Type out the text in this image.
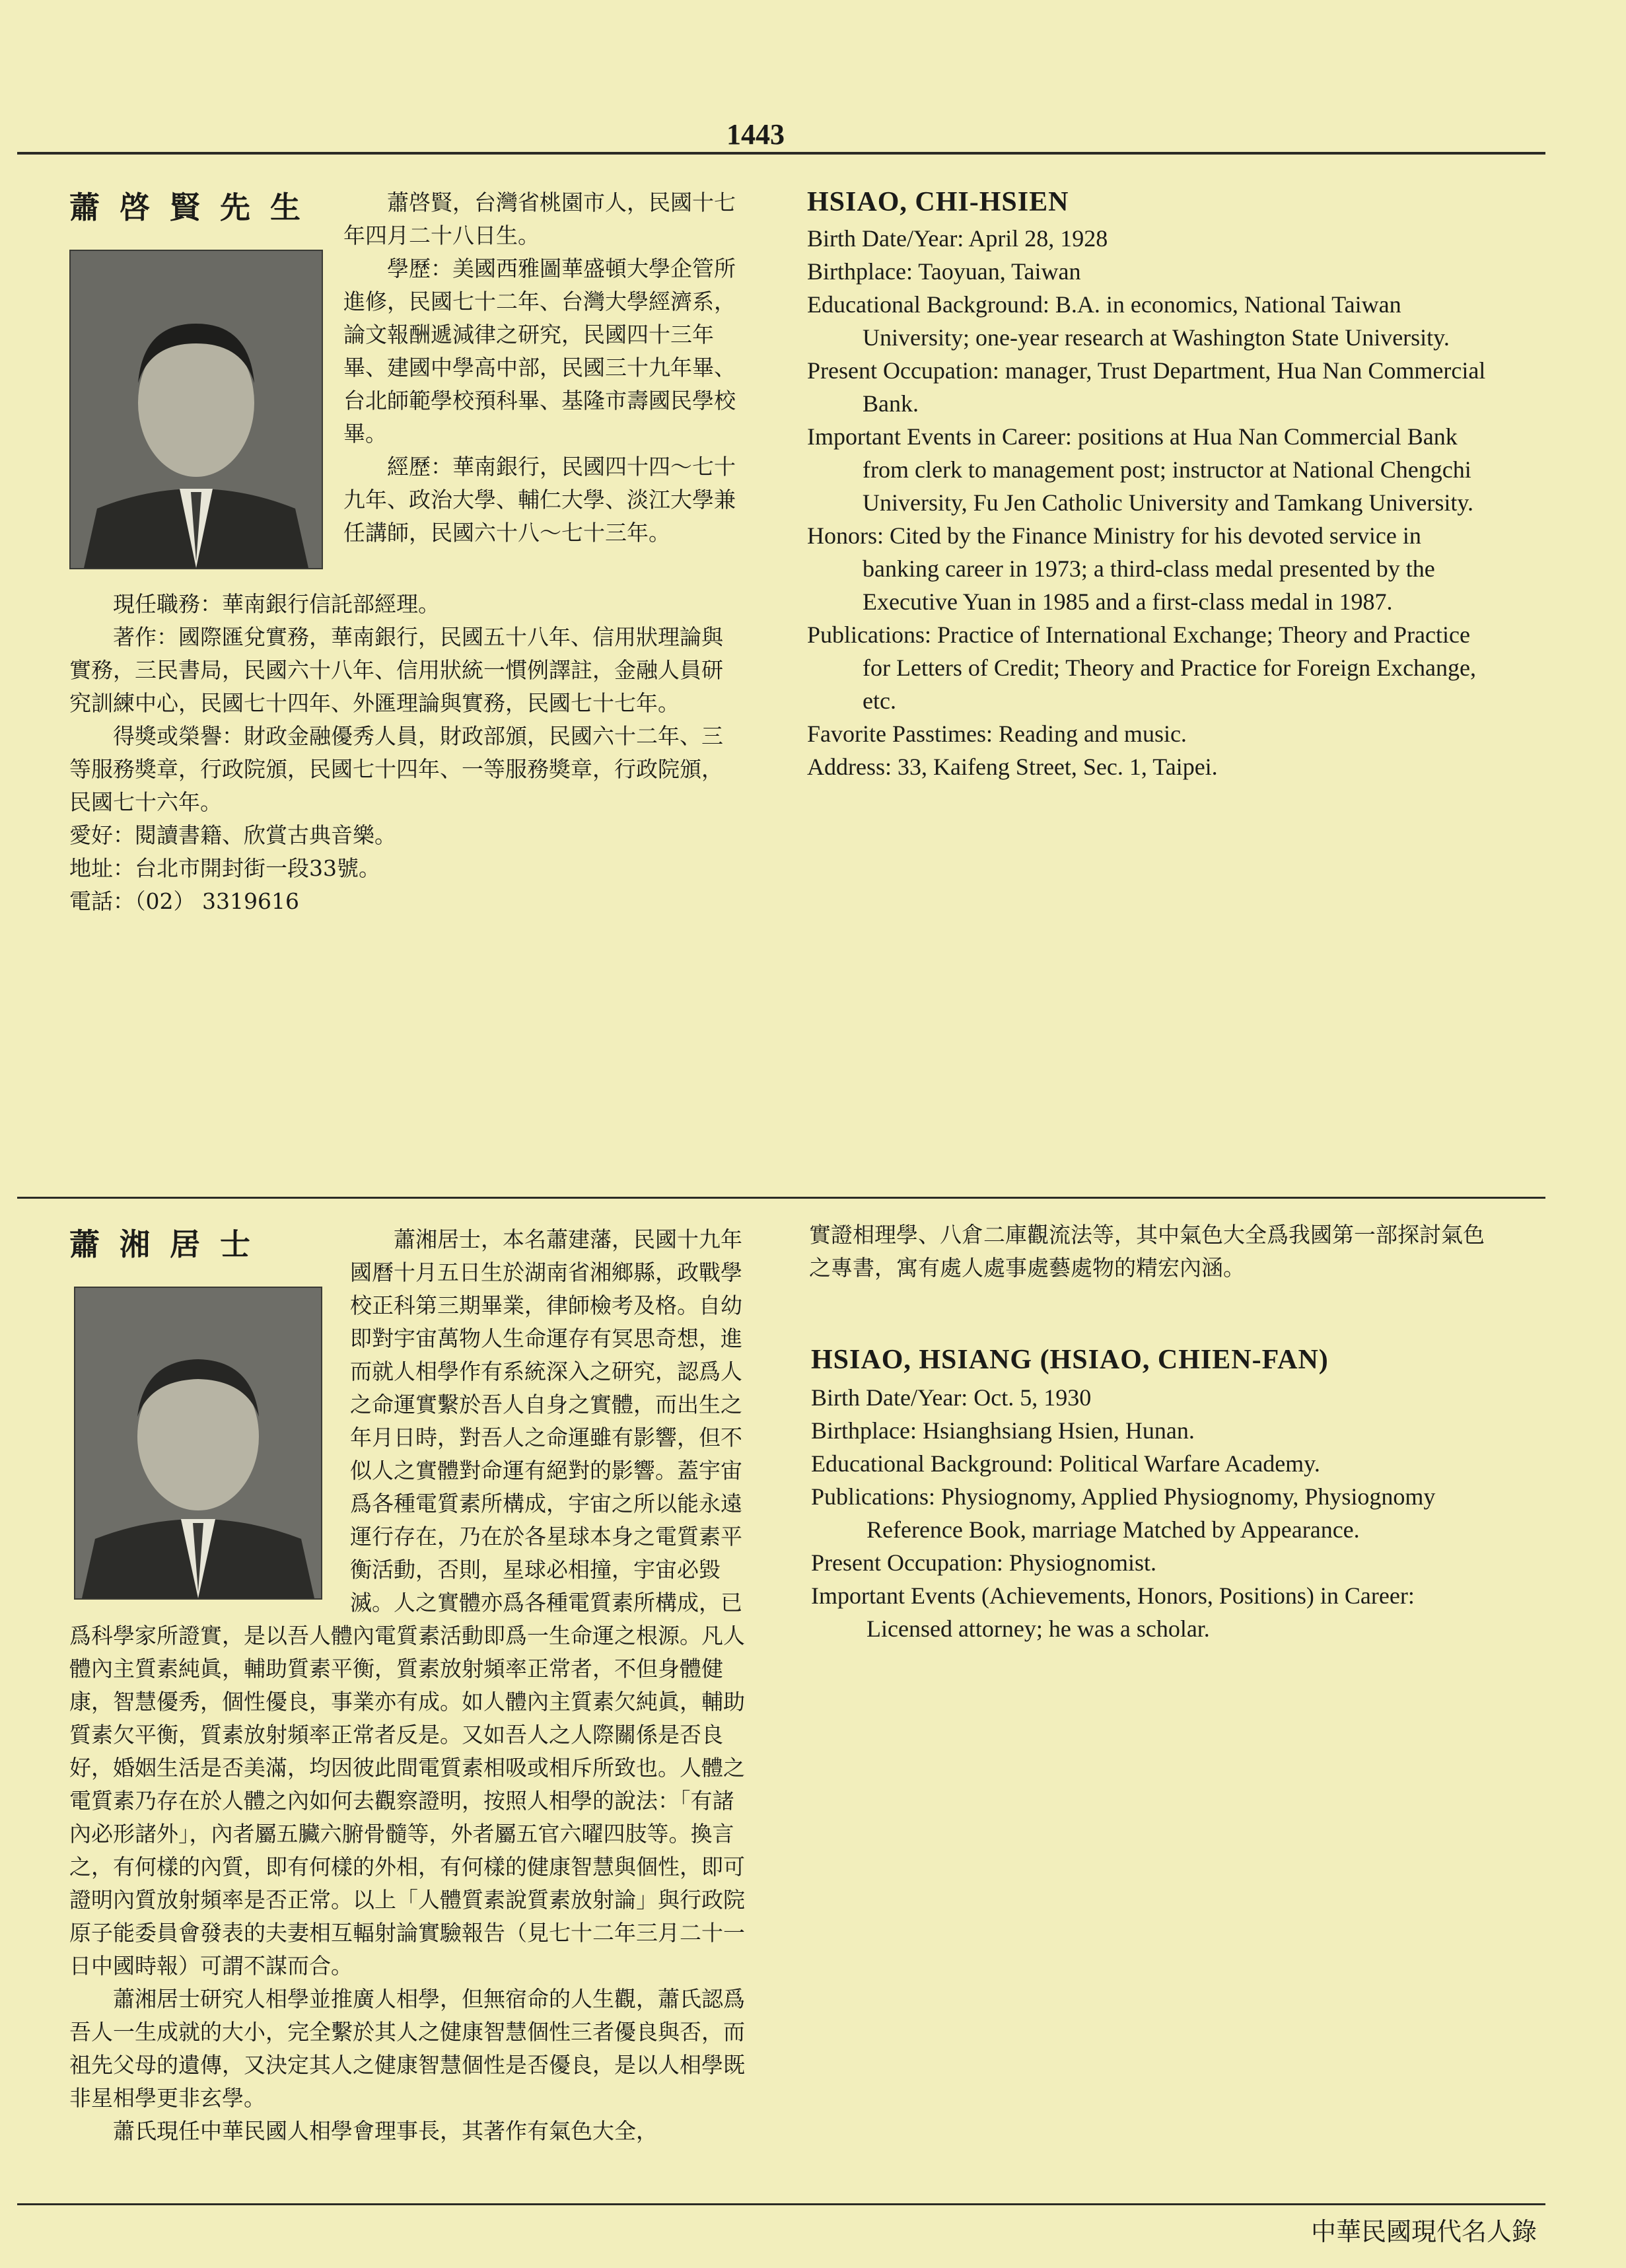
1443
蕭啓賢先生	蕭啓賢，台灣省桃園市人，民國十七年四月二十八日生。

學歷：美國西雅圖華盛頓大學企管所進修，民國七十二年、台灣大學經濟系，論文報酬遞減律之研究，民國四十三年畢、建國中學高中部，民國三十九年畢、台北師範學校預科畢、基隆市壽國民學校畢。

經歷：華南銀行，民國四十四～七十九年、政治大學、輔仁大學、淡江大學兼任講師，民國六十八～七十三年。

現任職務：華南銀行信託部經理。

著作：國際匯兌實務，華南銀行，民國五十八年、信用狀理論與實務，三民書局，民國六十八年、信用狀統一慣例譯註，金融人員研究訓練中心，民國七十四年、外匯理論與實務，民國七十七年。

得獎或榮譽：財政金融優秀人員，財政部頒，民國六十二年、三等服務獎章，行政院頒，民國七十四年、一等服務獎章，行政院頒，民國七十六年。

愛好：閱讀書籍、欣賞古典音樂。

地址：台北市開封街一段33號。

電話：（02） 3319616

HSIAO, CHI-HSIEN

Birth Date/Year: April 28, 1928

Birthplace: Taoyuan, Taiwan

Educational Background: B.A. in economics, National Taiwan University; one-year research at Washington State University.

Present Occupation: manager, Trust Department, Hua Nan Commercial Bank.

Important Events in Career: positions at Hua Nan Commercial Bank from clerk to management post; instructor at National Chengchi University, Fu Jen Catholic University and Tamkang University.

Honors: Cited by the Finance Ministry for his devoted service in banking career in 1973; a third-class medal presented by the Executive Yuan in 1985 and a first-class medal in 1987.

Publications: Practice of International Exchange; Theory and Practice for Letters of Credit; Theory and Practice for Foreign Exchange, etc.

Favorite Passtimes: Reading and music.

Address: 33, Kaifeng Street, Sec. 1, Taipei.

蕭湘居士	蕭湘居士，本名蕭建藩，民國十九年國曆十月五日生於湖南省湘鄉縣，政戰學校正科第三期畢業，律師檢考及格。自幼即對宇宙萬物人生命運存有冥思奇想，進而就人相學作有系統深入之研究，認爲人之命運實繫於吾人自身之實體，而出生之年月日時，對吾人之命運雖有影響，但不似人之實體對命運有絕對的影響。蓋宇宙爲各種電質素所構成，宇宙之所以能永遠運行存在，乃在於各星球本身之電質素平衡活動，否則，星球必相撞，宇宙必毀滅。人之實體亦爲各種電質素所構成，已爲科學家所證實，是以吾人體內電質素活動即爲一生命運之根源。凡人體內主質素純眞，輔助質素平衡，質素放射頻率正常者，不但身體健康，智慧優秀，個性優良，事業亦有成。如人體內主質素欠純眞，輔助質素欠平衡，質素放射頻率正常者反是。又如吾人之人際關係是否良好，婚姻生活是否美滿，均因彼此間電質素相吸或相斥所致也。人體之電質素乃存在於人體之內如何去觀察證明，按照人相學的說法：「有諸內必形諸外」，內者屬五臟六腑骨髓等，外者屬五官六曜四肢等。換言之，有何樣的內質，即有何樣的外相，有何樣的健康智慧與個性，即可證明內質放射頻率是否正常。以上「人體質素說質素放射論」與行政院原子能委員會發表的夫妻相互輻射論實驗報告（見七十二年三月二十一日中國時報）可謂不謀而合。

蕭湘居士研究人相學並推廣人相學，但無宿命的人生觀，蕭氏認爲吾人一生成就的大小，完全繫於其人之健康智慧個性三者優良與否，而祖先父母的遺傳，又決定其人之健康智慧個性是否優良，是以人相學既非星相學更非玄學。

蕭氏現任中華民國人相學會理事長，其著作有氣色大全，

實證相理學、八倉二庫觀流法等，其中氣色大全爲我國第一部探討氣色之專書，寓有處人處事處藝處物的精宏內涵。
HSIAO, HSIANG (HSIAO, CHIEN-FAN)

Birth Date/Year: Oct. 5, 1930

Birthplace: Hsianghsiang Hsien, Hunan.

Educational Background: Political Warfare Academy.

Publications: Physiognomy, Applied Physiognomy, Physiognomy Reference Book, marriage Matched by Appearance.

Present Occupation: Physiognomist.

Important Events (Achievements, Honors, Positions) in Career:

Licensed attorney; he was a scholar.

中華民國現代名人錄
